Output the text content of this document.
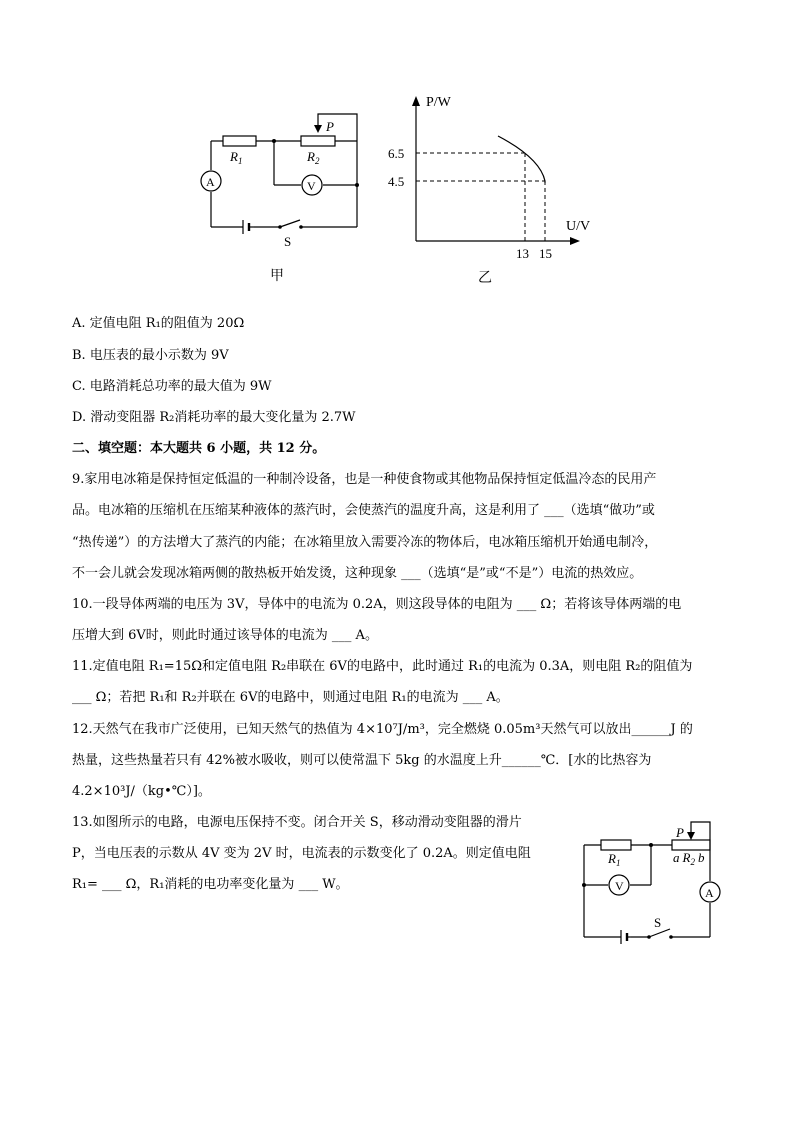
P
$R_1$	$R_2$
A	V
S
甲
P/W
U/V
6.5
4.5
13 15
乙
A. 定值电阻 R₁的阻值为 20Ω
B. 电压表的最小示数为 9V
C. 电路消耗总功率的最大值为 9W
D. 滑动变阻器 R₂消耗功率的最大变化量为 2.7W
二、填空题：本大题共 6 小题，共 12 分。
9.家用电冰箱是保持恒定低温的一种制冷设备，也是一种使食物或其他物品保持恒定低温冷态的民用产
品。电冰箱的压缩机在压缩某种液体的蒸汽时，会使蒸汽的温度升高，这是利用了 ___（选填“做功”或
“热传递”）的方法增大了蒸汽的内能；在冰箱里放入需要冷冻的物体后，电冰箱压缩机开始通电制冷，
不一会儿就会发现冰箱两侧的散热板开始发烫，这种现象 ___（选填“是”或“不是”）电流的热效应。
10.一段导体两端的电压为 3V，导体中的电流为 0.2A，则这段导体的电阻为 ___ Ω；若将该导体两端的电
压增大到 6V时，则此时通过该导体的电流为 ___ A。
11.定值电阻 R₁=15Ω和定值电阻 R₂串联在 6V的电路中，此时通过 R₁的电流为 0.3A，则电阻 R₂的阻值为
___ Ω；若把 R₁和 R₂并联在 6V的电路中，则通过电阻 R₁的电流为 ___ A。
12.天然气在我市广泛使用，已知天然气的热值为 4×10⁷J/m³，完全燃烧 0.05m³天然气可以放出______J 的
热量，这些热量若只有 42%被水吸收，则可以使常温下 5kg 的水温度上升______℃．[水的比热容为
4.2×10³J/（kg•℃）]。
13.如图所示的电路，电源电压保持不变。闭合开关 S，移动滑动变阻器的滑片
P，当电压表的示数从 4V 变为 2V 时，电流表的示数变化了 0.2A。则定值电阻
R₁= ___ Ω，R₁消耗的电功率变化量为 ___ W。
P
$R_1$	a $R_2$ b
V	A
S
